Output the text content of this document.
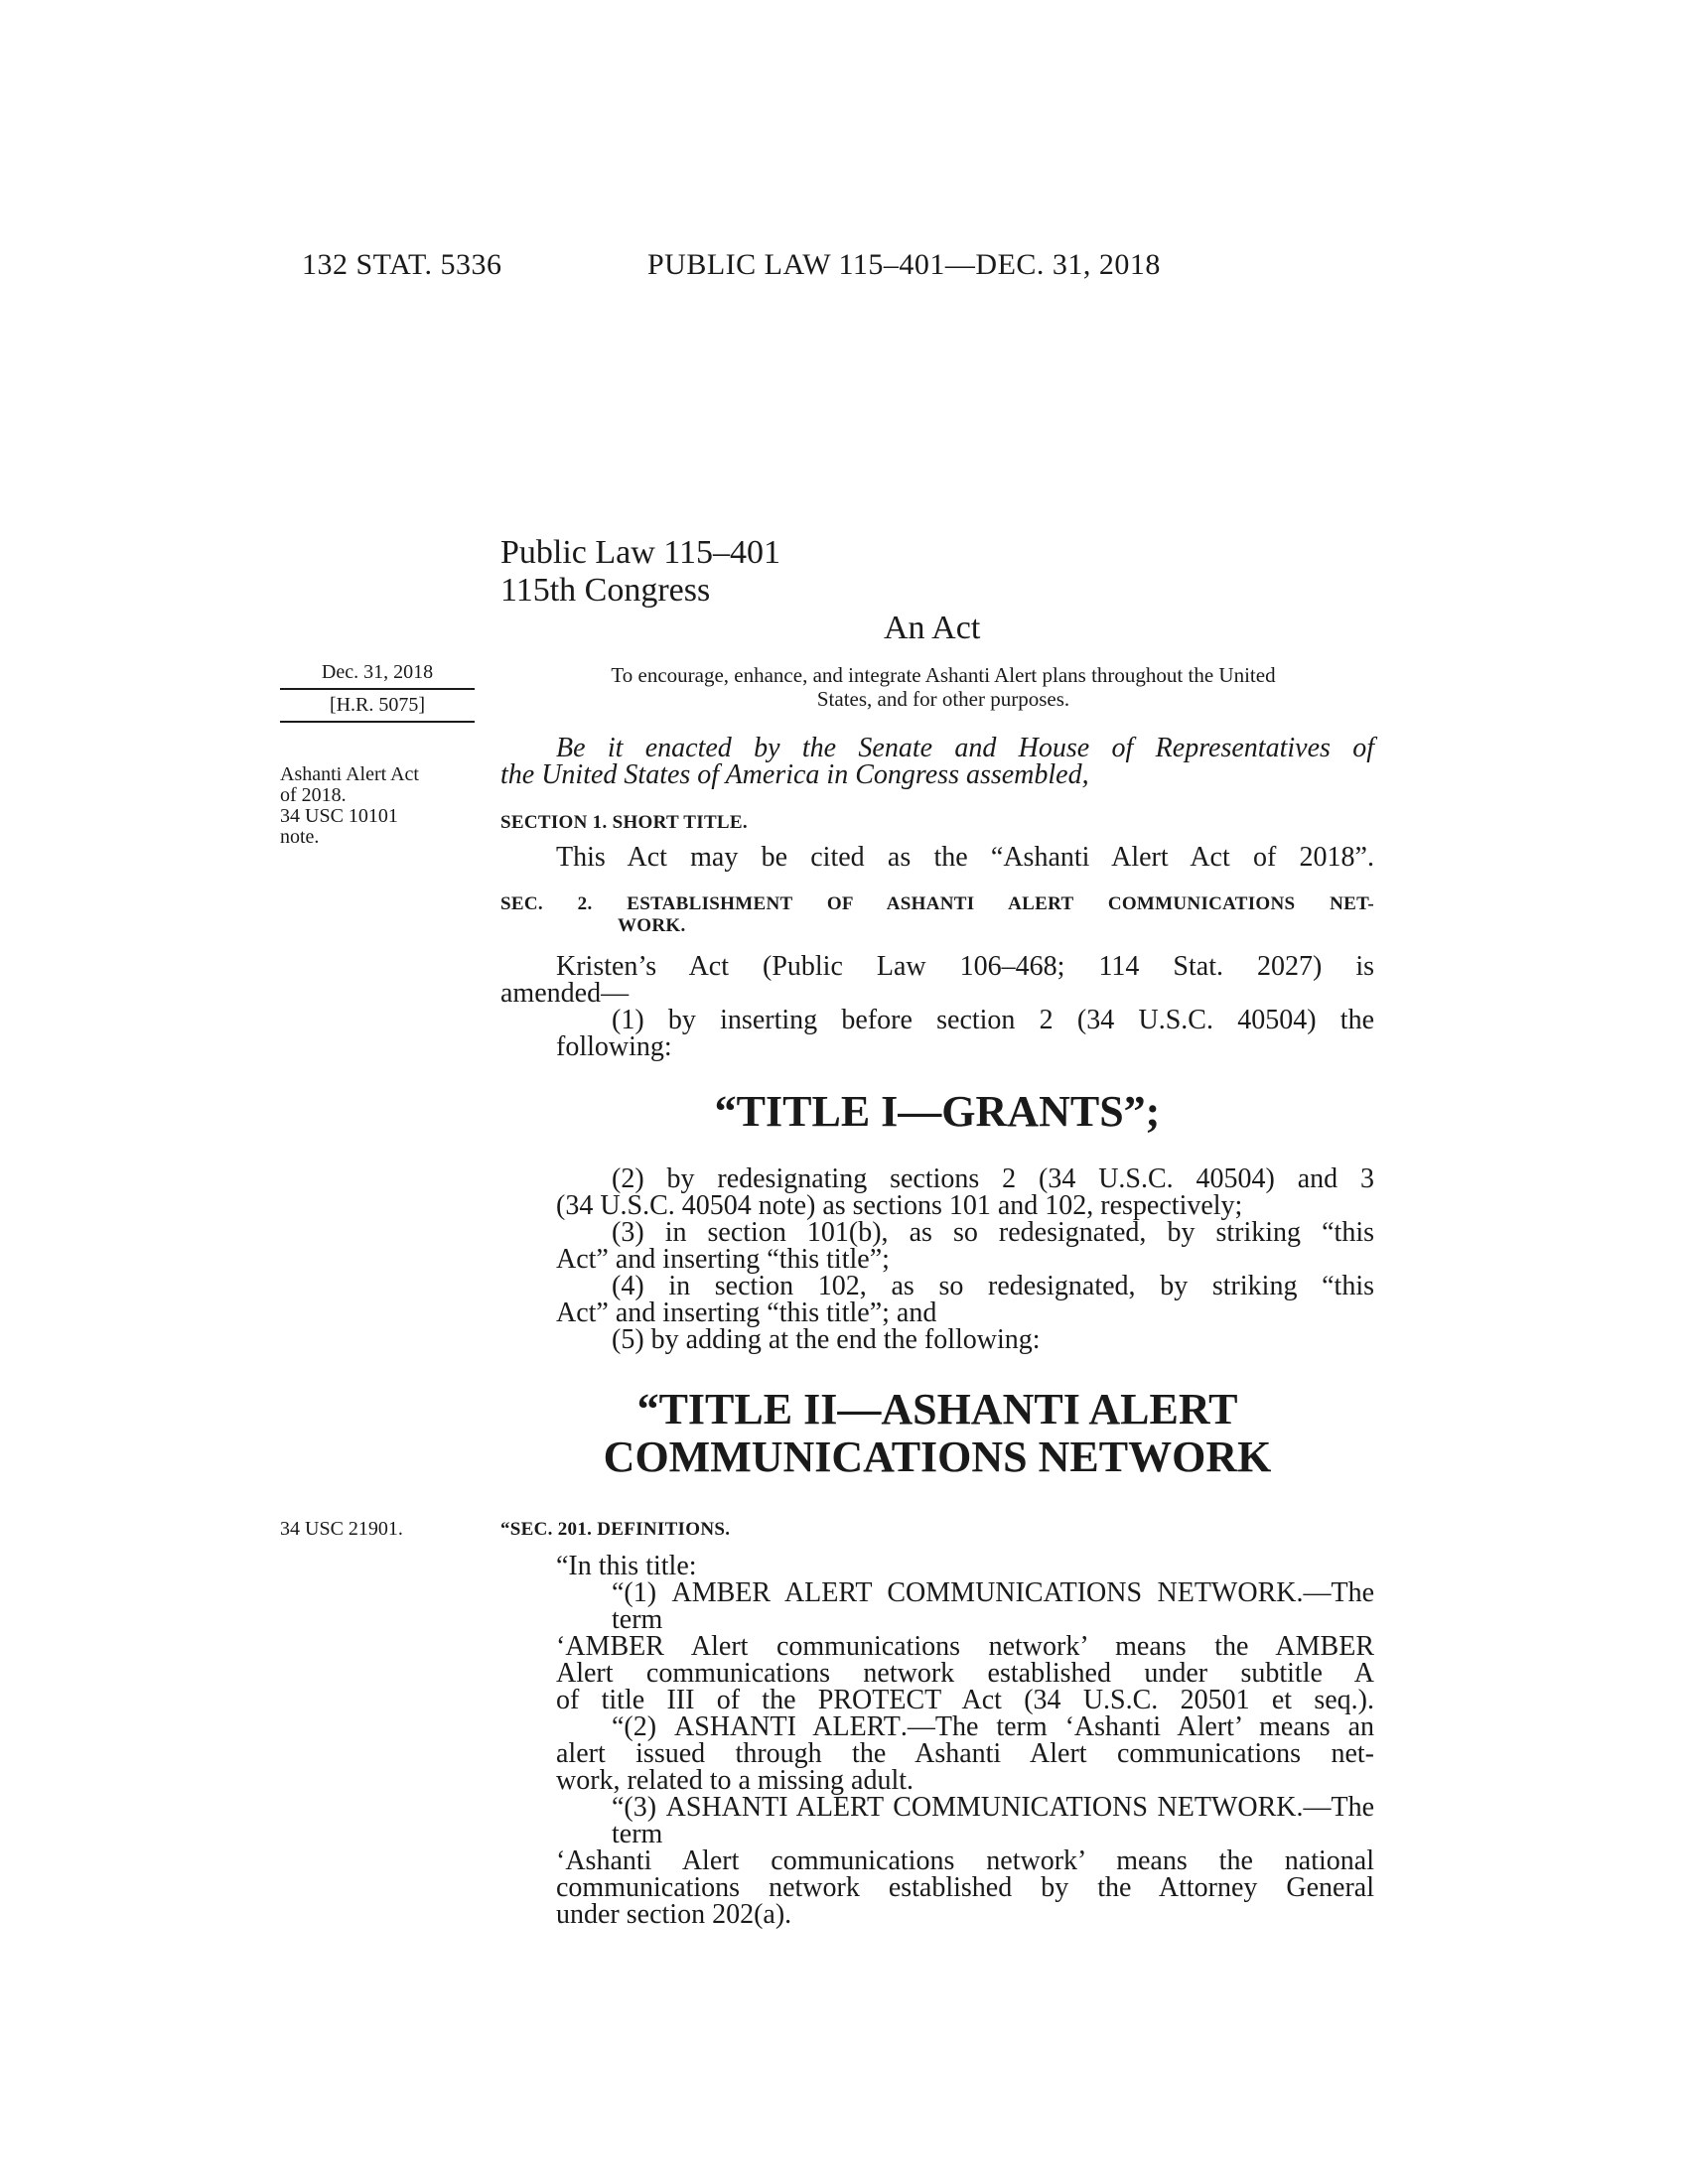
132 STAT. 5336	PUBLIC LAW 115–401—DEC. 31, 2018
Public Law 115–401
115th Congress
An Act
Dec. 31, 2018
[H.R. 5075]
To encourage, enhance, and integrate Ashanti Alert plans throughout the United
States, and for other purposes.
Be it enacted by the Senate and House of Representatives of
the United States of America in Congress assembled,
Ashanti Alert Act
of 2018.
34 USC 10101
note.
SECTION 1. SHORT TITLE.
This Act may be cited as the “Ashanti Alert Act of 2018”.
SEC. 2. ESTABLISHMENT OF ASHANTI ALERT COMMUNICATIONS NET-
WORK.
Kristen’s Act (Public Law 106–468; 114 Stat. 2027) is
amended—
(1) by inserting before section 2 (34 U.S.C. 40504) the
following:
“TITLE I—GRANTS”;
(2) by redesignating sections 2 (34 U.S.C. 40504) and 3
(34 U.S.C. 40504 note) as sections 101 and 102, respectively;
(3) in section 101(b), as so redesignated, by striking “this
Act” and inserting “this title”;
(4) in section 102, as so redesignated, by striking “this
Act” and inserting “this title”; and
(5) by adding at the end the following:
“TITLE II—ASHANTI ALERT
COMMUNICATIONS NETWORK
34 USC 21901.	“SEC. 201. DEFINITIONS.
“In this title:
“(1) AMBER ALERT COMMUNICATIONS NETWORK.—The term
‘AMBER Alert communications network’ means the AMBER
Alert communications network established under subtitle A
of title III of the PROTECT Act (34 U.S.C. 20501 et seq.).
“(2) ASHANTI ALERT.—The term ‘Ashanti Alert’ means an
alert issued through the Ashanti Alert communications net-
work, related to a missing adult.
“(3) ASHANTI ALERT COMMUNICATIONS NETWORK.—The term
‘Ashanti Alert communications network’ means the national
communications network established by the Attorney General
under section 202(a).
